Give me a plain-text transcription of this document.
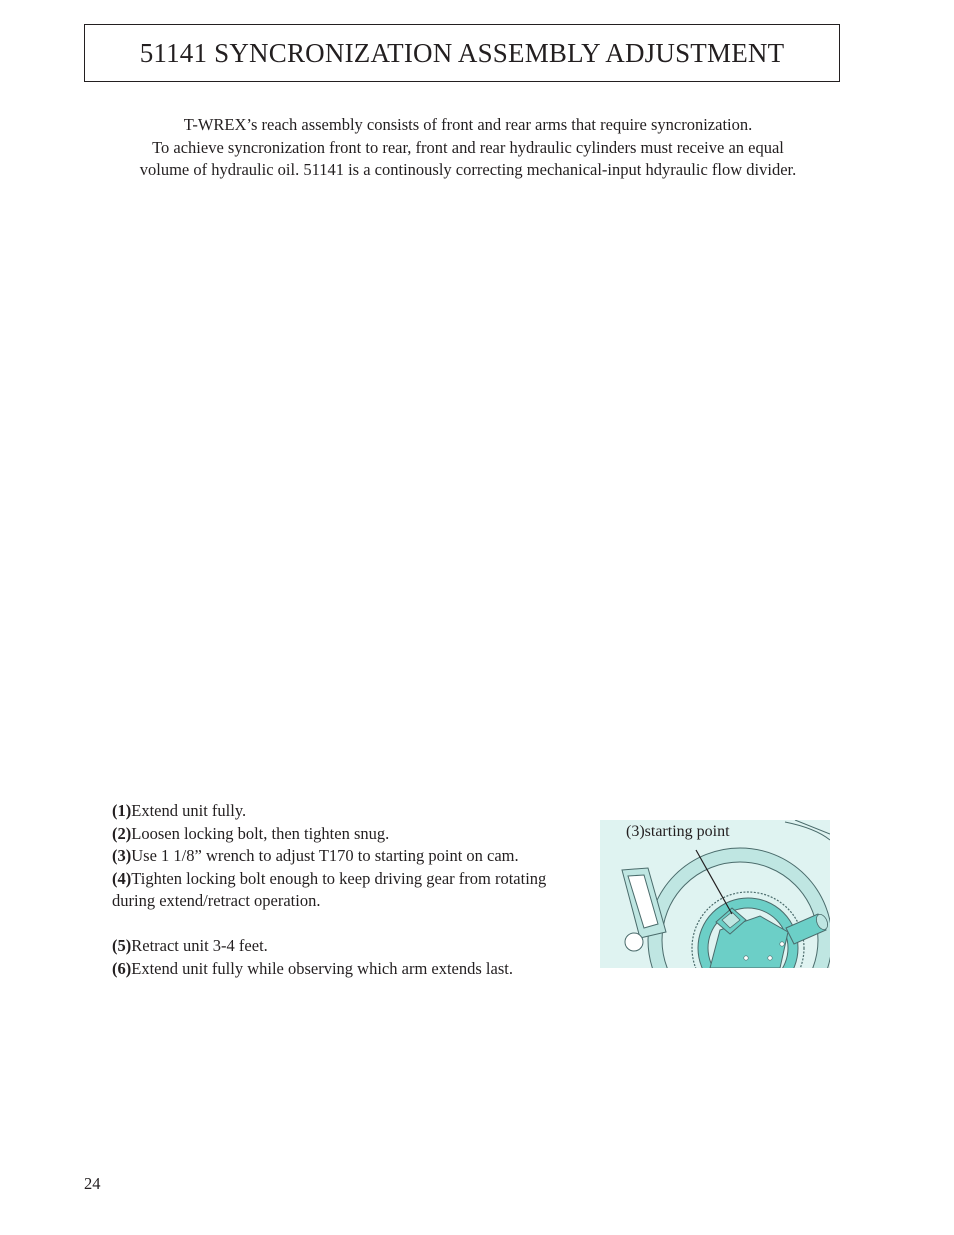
51141 SYNCRONIZATION ASSEMBLY ADJUSTMENT
T-WREX’s reach assembly consists of front and rear arms that require syncronization.
To achieve syncronization front to rear, front and rear hydraulic cylinders must receive an equal
volume of hydraulic oil. 51141 is a continously correcting mechanical-input hdyraulic flow divider.
(1)Extend unit fully.
(2)Loosen locking bolt, then tighten snug.
(3)Use 1 1/8” wrench to adjust T170 to starting point on cam.
(4)Tighten locking bolt enough to keep driving gear from rotating
during extend/retract operation.
(5)Retract unit 3-4 feet.
(6)Extend unit fully while observing which arm extends last.
(3)starting point
24
